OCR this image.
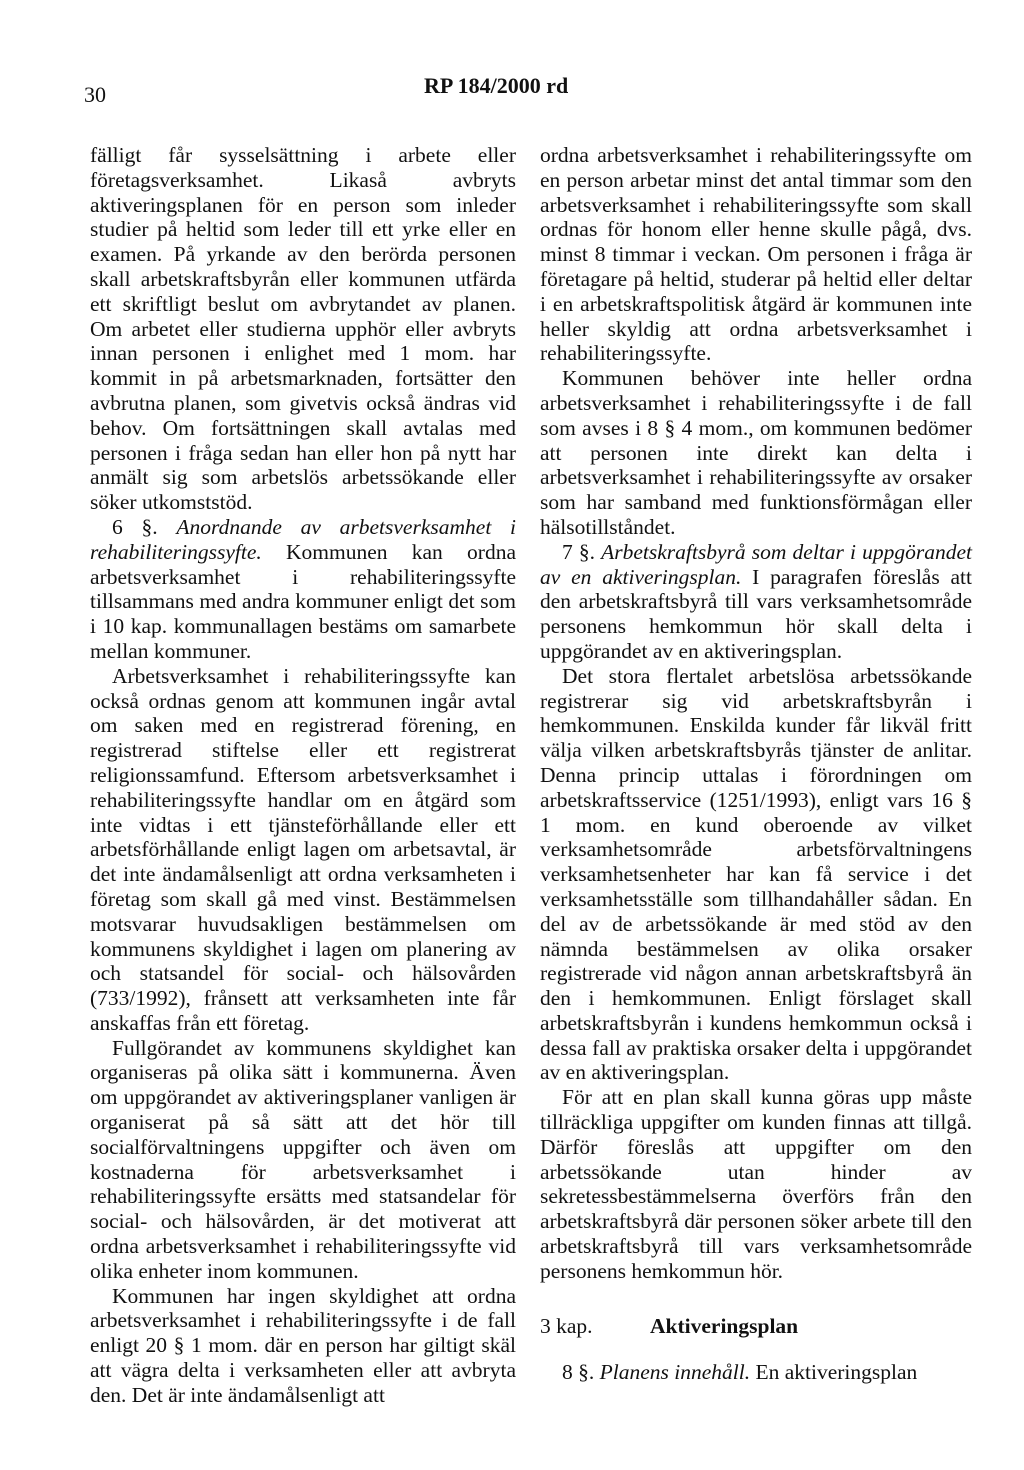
30	RP 184/2000 rd

fälligt får sysselsättning i arbete eller företagsverksamhet. Likaså avbryts aktiveringsplanen för en person som inleder studier på heltid som leder till ett yrke eller en examen. På yrkande av den berörda personen skall arbetskraftsbyrån eller kommunen utfärda ett skriftligt beslut om avbrytandet av planen. Om arbetet eller studierna upphör eller avbryts innan personen i enlighet med 1 mom. har kommit in på arbetsmarknaden, fortsätter den avbrutna planen, som givetvis också ändras vid behov. Om fortsättningen skall avtalas med personen i fråga sedan han eller hon på nytt har anmält sig som arbetslös arbetssökande eller söker utkomststöd.

6 §. Anordnande av arbetsverksamhet i rehabiliteringssyfte. Kommunen kan ordna arbetsverksamhet i rehabiliteringssyfte tillsammans med andra kommuner enligt det som i 10 kap. kommunallagen bestäms om samarbete mellan kommuner.

Arbetsverksamhet i rehabiliteringssyfte kan också ordnas genom att kommunen ingår avtal om saken med en registrerad förening, en registrerad stiftelse eller ett registrerat religionssamfund. Eftersom arbetsverksamhet i rehabiliteringssyfte handlar om en åtgärd som inte vidtas i ett tjänsteförhållande eller ett arbetsförhållande enligt lagen om arbetsavtal, är det inte ändamålsenligt att ordna verksamheten i företag som skall gå med vinst. Bestämmelsen motsvarar huvudsakligen bestämmelsen om kommunens skyldighet i lagen om planering av och statsandel för social- och hälsovården (733/1992), frånsett att verksamheten inte får anskaffas från ett företag.

Fullgörandet av kommunens skyldighet kan organiseras på olika sätt i kommunerna. Även om uppgörandet av aktiveringsplaner vanligen är organiserat på så sätt att det hör till socialförvaltningens uppgifter och även om kostnaderna för arbetsverksamhet i rehabiliteringssyfte ersätts med statsandelar för social- och hälsovården, är det motiverat att ordna arbetsverksamhet i rehabiliteringssyfte vid olika enheter inom kommunen.

Kommunen har ingen skyldighet att ordna arbetsverksamhet i rehabiliteringssyfte i de fall enligt 20 § 1 mom. där en person har giltigt skäl att vägra delta i verksamheten eller att avbryta den. Det är inte ändamålsenligt att

ordna arbetsverksamhet i rehabiliteringssyfte om en person arbetar minst det antal timmar som den arbetsverksamhet i rehabiliteringssyfte som skall ordnas för honom eller henne skulle pågå, dvs. minst 8 timmar i veckan. Om personen i fråga är företagare på heltid, studerar på heltid eller deltar i en arbetskraftspolitisk åtgärd är kommunen inte heller skyldig att ordna arbetsverksamhet i rehabiliteringssyfte.

Kommunen behöver inte heller ordna arbetsverksamhet i rehabiliteringssyfte i de fall som avses i 8 § 4 mom., om kommunen bedömer att personen inte direkt kan delta i arbetsverksamhet i rehabiliteringssyfte av orsaker som har samband med funktionsförmågan eller hälsotillståndet.

7 §. Arbetskraftsbyrå som deltar i uppgörandet av en aktiveringsplan. I paragrafen föreslås att den arbetskraftsbyrå till vars verksamhetsområde personens hemkommun hör skall delta i uppgörandet av en aktiveringsplan.

Det stora flertalet arbetslösa arbetssökande registrerar sig vid arbetskraftsbyrån i hemkommunen. Enskilda kunder får likväl fritt välja vilken arbetskraftsbyrås tjänster de anlitar. Denna princip uttalas i förordningen om arbetskraftsservice (1251/1993), enligt vars 16 § 1 mom. en kund oberoende av vilket verksamhetsområde arbetsförvaltningens verksamhetsenheter har kan få service i det verksamhetsställe som tillhandahåller sådan. En del av de arbetssökande är med stöd av den nämnda bestämmelsen av olika orsaker registrerade vid någon annan arbetskraftsbyrå än den i hemkommunen. Enligt förslaget skall arbetskraftsbyrån i kundens hemkommun också i dessa fall av praktiska orsaker delta i uppgörandet av en aktiveringsplan.

För att en plan skall kunna göras upp måste tillräckliga uppgifter om kunden finnas att tillgå. Därför föreslås att uppgifter om den arbetssökande utan hinder av sekretessbestämmelserna överförs från den arbetskraftsbyrå där personen söker arbete till den arbetskraftsbyrå till vars verksamhetsområde personens hemkommun hör.

3 kap.	Aktiveringsplan

8 §. Planens innehåll. En aktiveringsplan
